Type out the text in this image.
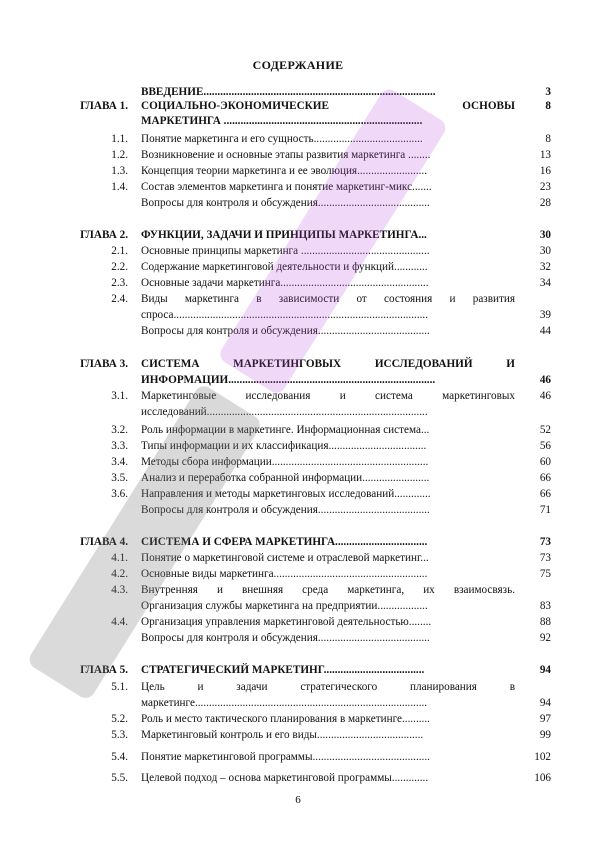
СОДЕРЖАНИЕ
ВВЕДЕНИЕ...................................................................................	3
ГЛАВА 1. СОЦИАЛЬНО-ЭКОНОМИЧЕСКИЕ ОСНОВЫ	8
МАРКЕТИНГА .......................................................................
1.1. Понятие маркетинга и его сущность.......................................	8
1.2. Возникновение и основные этапы развития маркетинга ........	13
1.3. Концепция теории маркетинга и ее эволюция.........................	16
1.4. Состав элементов маркетинга и понятие маркетинг-микс.......	23
Вопросы для контроля и обсуждения........................................	28
ГЛАВА 2. ФУНКЦИИ, ЗАДАЧИ И ПРИНЦИПЫ МАРКЕТИНГА...	30
2.1. Основные принципы маркетинга ..............................................	30
2.2. Содержание маркетинговой деятельности и функций............	32
2.3. Основные задачи маркетинга.....................................................	34
2.4. Виды маркетинга в зависимости от состояния и развития
спроса...........................................................................................	39
Вопросы для контроля и обсуждения........................................	44
ГЛАВА 3. СИСТЕМА МАРКЕТИНГОВЫХ ИССЛЕДОВАНИЙ И
ИНФОРМАЦИИ..........................................................................	46
3.1. Маркетинговые исследования и система маркетинговых	46
исследований...............................................................................
3.2. Роль информации в маркетинге. Информационная система...	52
3.3. Типы информации и их классификация...................................	56
3.4. Методы сбора информации........................................................	60
3.5. Анализ и переработка собранной информации........................	66
3.6. Направления и методы маркетинговых исследований.............	66
Вопросы для контроля и обсуждения........................................	71
ГЛАВА 4. СИСТЕМА И СФЕРА МАРКЕТИНГА.................................	73
4.1. Понятие о маркетинговой системе и отраслевой маркетинг...	73
4.2. Основные виды маркетинга.......................................................	75
4.3. Внутренняя и внешняя среда маркетинга, их взаимосвязь.
Организация службы маркетинга на предприятии..................	83
4.4. Организация управления маркетинговой деятельностью........	88
Вопросы для контроля и обсуждения........................................	92
ГЛАВА 5. СТРАТЕГИЧЕСКИЙ МАРКЕТИНГ....................................	94
5.1. Цель и задачи стратегического планирования в
маркетинге...................................................................................	94
5.2. Роль и место тактического планирования в маркетинге..........	97
5.3. Маркетинговый контроль и его виды......................................	99
5.4. Понятие маркетинговой программы..........................................	102
5.5. Целевой подход – основа маркетинговой программы.............	106
6
